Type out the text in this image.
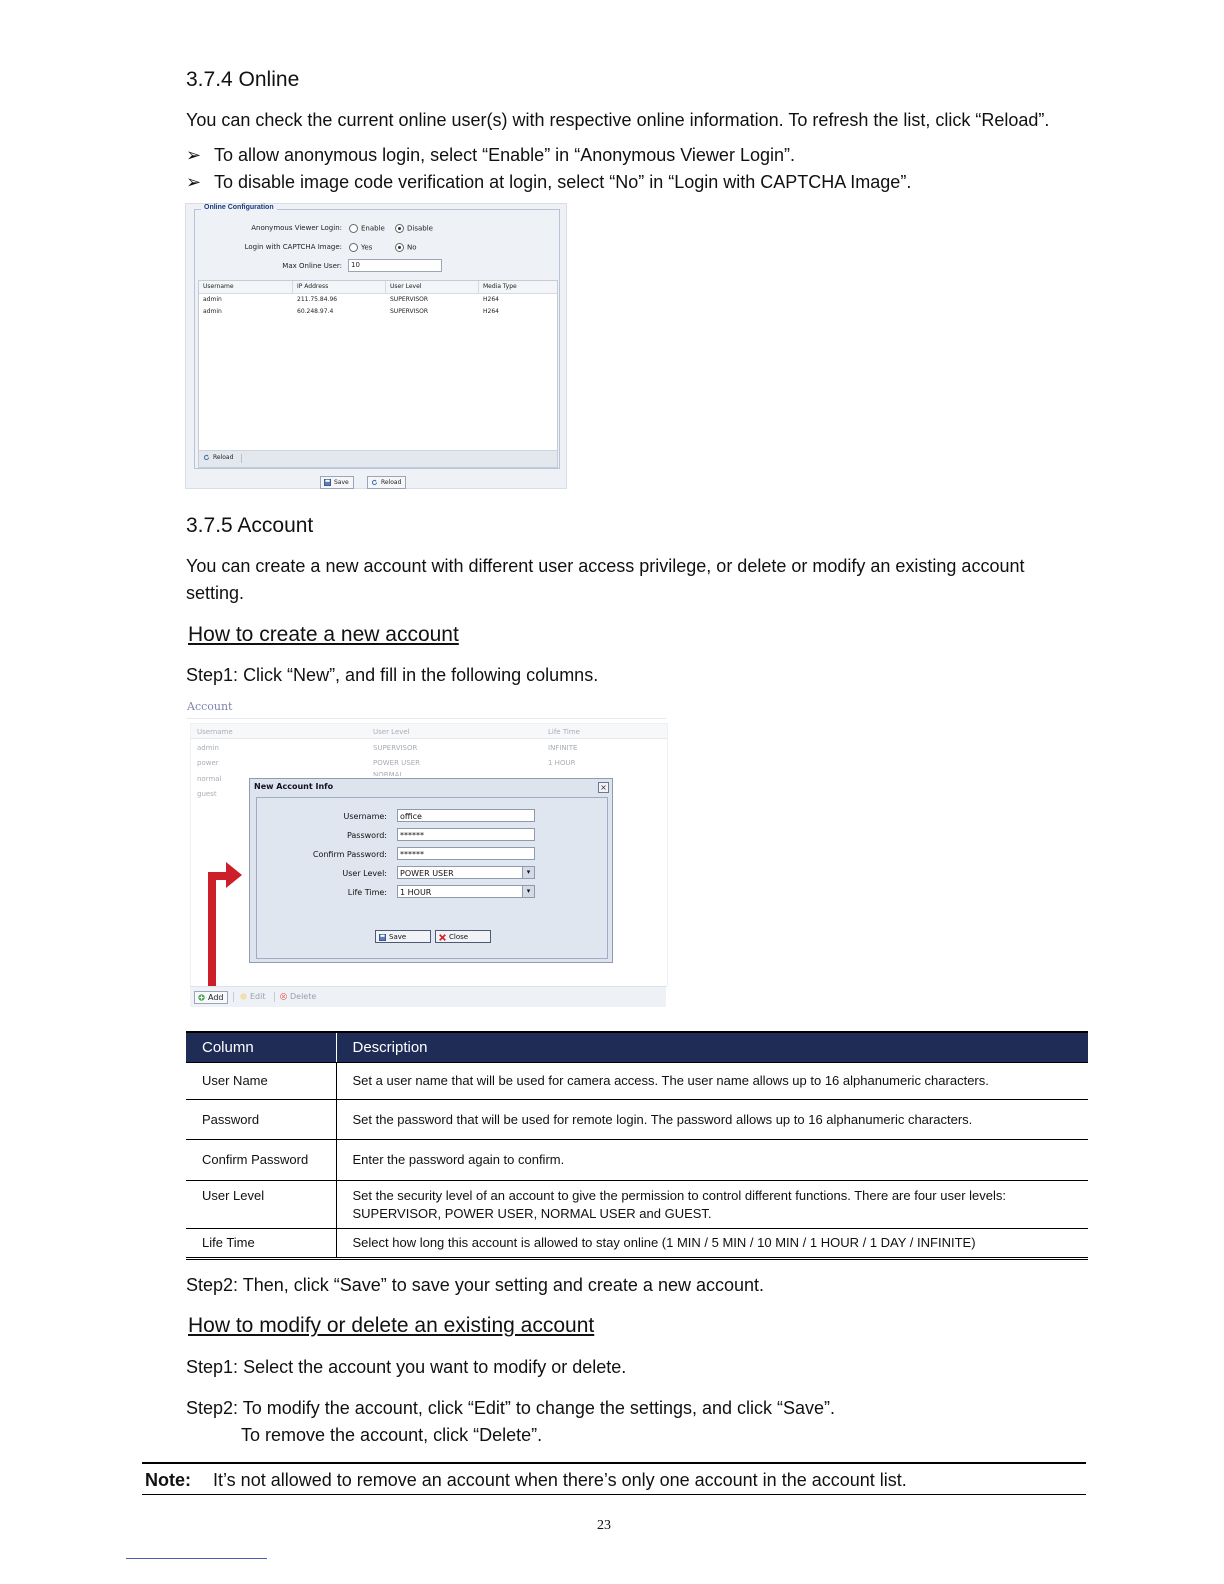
3.7.4 Online
You can check the current online user(s) with respective online information. To refresh the list, click “Reload”.
➢ To allow anonymous login, select “Enable” in “Anonymous Viewer Login”.
➢ To disable image code verification at login, select “No” in “Login with CAPTCHA Image”.
Online Configuration
Anonymous Viewer Login:	Enable	Disable
Login with CAPTCHA Image:	Yes	No
Max Online User:	10
Username	IP Address	User Level	Media Type
admin	211.75.84.96	SUPERVISOR	H264
admin	60.248.97.4	SUPERVISOR	H264
Reload
Save	Reload
3.7.5 Account
You can create a new account with different user access privilege, or delete or modify an existing account
setting.
How to create a new account
Step1: Click “New”, and fill in the following columns.
Account
Username	User Level	Life Time
admin	SUPERVISOR	INFINITE
power	POWER USER	1 HOUR
normal	NORMAL
guest
New Account Info	×
Username:	office
Password:	******
Confirm Password:	******
User Level:	POWER USER	▾
Life Time:	1 HOUR	▾
Save	Close
Add	Edit	Delete
Column	Description
User Name	Set a user name that will be used for camera access. The user name allows up to 16 alphanumeric characters.
Password	Set the password that will be used for remote login. The password allows up to 16 alphanumeric characters.
Confirm Password	Enter the password again to confirm.
User Level	Set the security level of an account to give the permission to control different functions. There are four user levels: SUPERVISOR, POWER USER, NORMAL USER and GUEST.
Life Time	Select how long this account is allowed to stay online (1 MIN / 5 MIN / 10 MIN / 1 HOUR / 1 DAY / INFINITE)
Step2: Then, click “Save” to save your setting and create a new account.
How to modify or delete an existing account
Step1: Select the account you want to modify or delete.
Step2: To modify the account, click “Edit” to change the settings, and click “Save”.
To remove the account, click “Delete”.
Note: It’s not allowed to remove an account when there’s only one account in the account list.
23
